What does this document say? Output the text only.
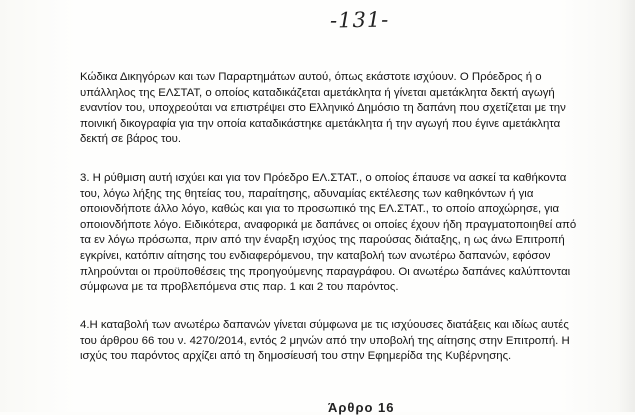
-131-
Κώδικα Δικηγόρων και των Παραρτημάτων αυτού, όπως εκάστοτε ισχύουν. Ο Πρόεδρος ή ο
υπάλληλος της ΕΛΣΤΑΤ, ο οποίος καταδικάζεται αμετάκλητα ή γίνεται αμετάκλητα δεκτή αγωγή
εναντίον του, υποχρεούται να επιστρέψει στο Ελληνικό Δημόσιο τη δαπάνη που σχετίζεται με την
ποινική δικογραφία για την οποία καταδικάστηκε αμετάκλητα ή την αγωγή που έγινε αμετάκλητα
δεκτή σε βάρος του.
3. Η ρύθμιση αυτή ισχύει και για τον Πρόεδρο ΕΛ.ΣΤΑΤ., ο οποίος έπαυσε να ασκεί τα καθήκοντα
του, λόγω λήξης της θητείας του, παραίτησης, αδυναμίας εκτέλεσης των καθηκόντων ή για
οποιονδήποτε άλλο λόγο, καθώς και για το προσωπικό της ΕΛ.ΣΤΑΤ., το οποίο αποχώρησε, για
οποιονδήποτε λόγο. Ειδικότερα, αναφορικά με δαπάνες οι οποίες έχουν ήδη πραγματοποιηθεί από
τα εν λόγω πρόσωπα, πριν από την έναρξη ισχύος της παρούσας διάταξης, η ως άνω Επιτροπή
εγκρίνει, κατόπιν αίτησης του ενδιαφερόμενου, την καταβολή των ανωτέρω δαπανών, εφόσον
πληρούνται οι προϋποθέσεις της προηγούμενης παραγράφου. Οι ανωτέρω δαπάνες καλύπτονται
σύμφωνα με τα προβλεπόμενα στις παρ. 1 και 2 του παρόντος.
4.Η καταβολή των ανωτέρω δαπανών γίνεται σύμφωνα με τις ισχύουσες διατάξεις και ιδίως αυτές
του άρθρου 66 του ν. 4270/2014, εντός 2 μηνών από την υποβολή της αίτησης στην Επιτροπή. Η
ισχύς του παρόντος αρχίζει από τη δημοσίευσή του στην Εφημερίδα της Κυβέρνησης.
Άρθρο 16
